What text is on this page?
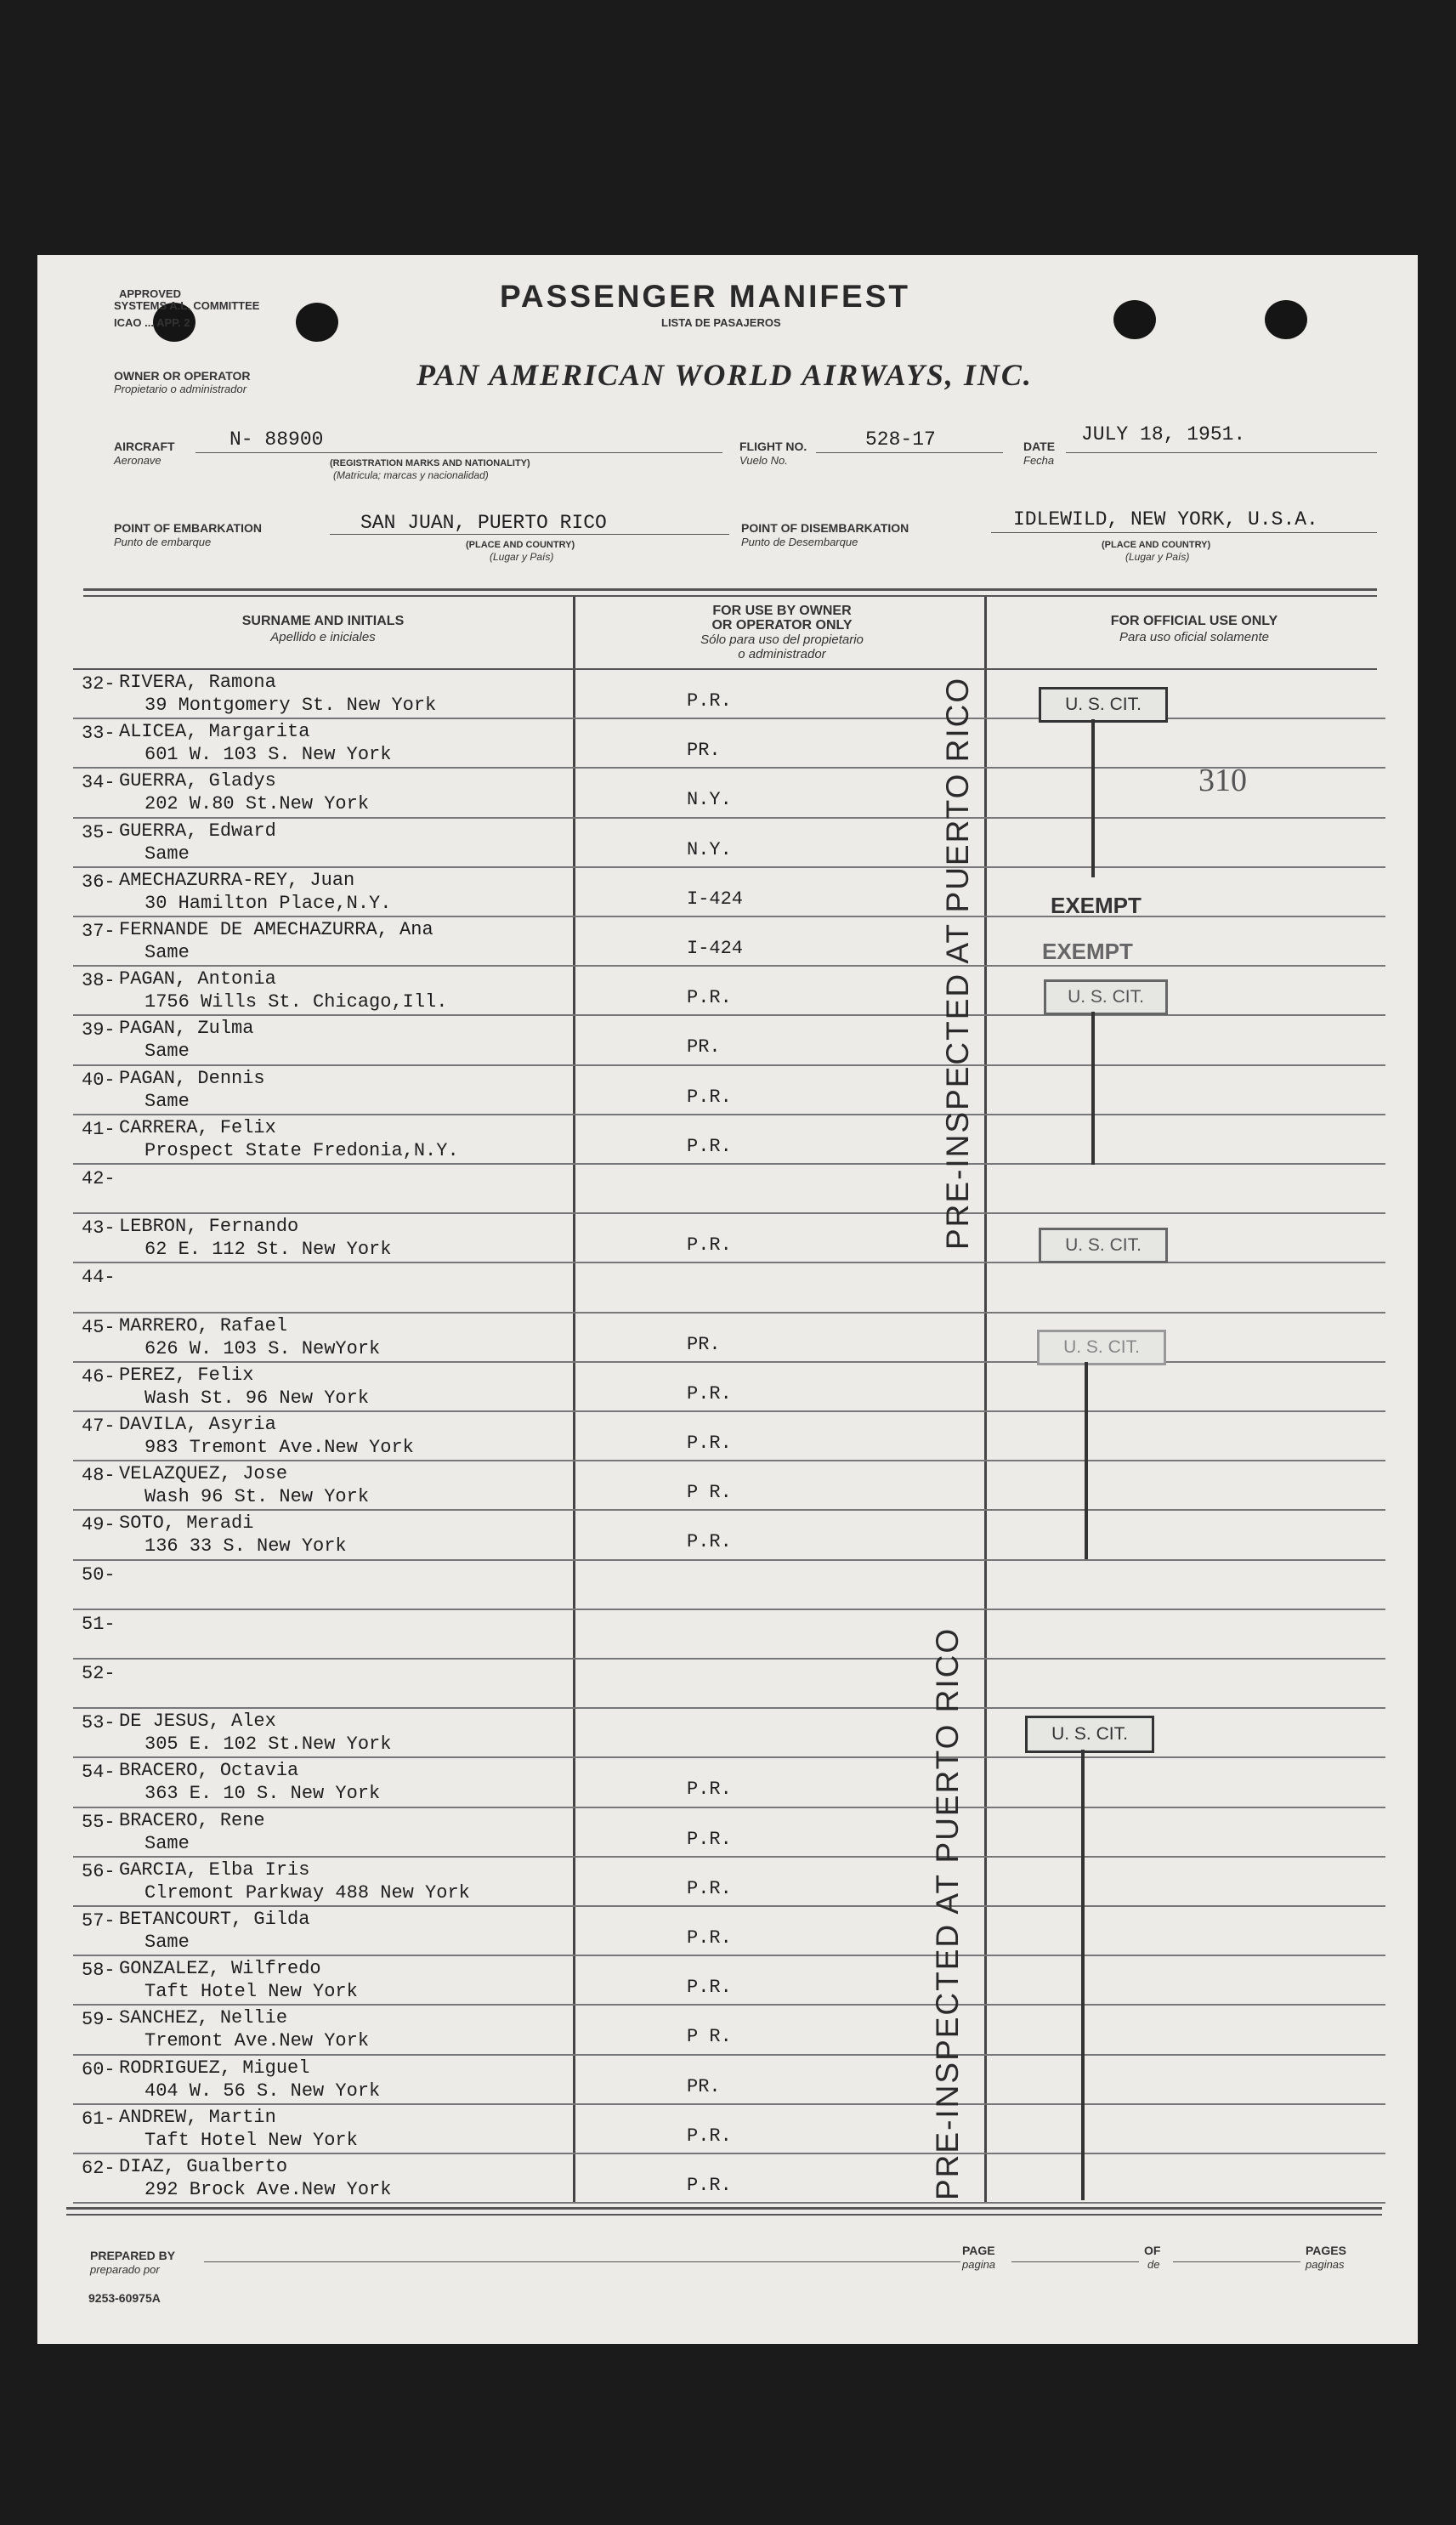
APPROVED
SYSTEMS A.L. COMMITTEE
ICAO ... APP. 2
PASSENGER MANIFEST
LISTA DE PASAJEROS
OWNER OR OPERATOR
Propietario o administrador	PAN AMERICAN WORLD AIRWAYS, INC.
AIRCRAFT
Aeronave
N- 88900
(REGISTRATION MARKS AND NATIONALITY)
(Matricula; marcas y nacionalidad)
FLIGHT NO.
Vuelo No.
528-17	DATE
Fecha
JULY 18, 1951.
POINT OF EMBARKATION
Punto de embarque
SAN JUAN, PUERTO RICO
(PLACE AND COUNTRY)
(Lugar y País)
POINT OF DISEMBARKATION
Punto de Desembarque
IDLEWILD, NEW YORK, U.S.A.
(PLACE AND COUNTRY)
(Lugar y País)
SURNAME AND INITIALS
Apellido e iniciales
FOR USE BY OWNER
OR OPERATOR ONLY
Sólo para uso del propietario
o administrador
FOR OFFICIAL USE ONLY
Para uso oficial solamente
32- RIVERA, Ramona
39 Montgomery St. New York	P.R.
33- ALICEA, Margarita
601 W. 103 S. New York	PR.
34- GUERRA, Gladys
202 W.80 St.New York	N.Y.
35- GUERRA, Edward
Same	N.Y.
36- AMECHAZURRA-REY, Juan
30 Hamilton Place,N.Y.	I-424
37- FERNANDE DE AMECHAZURRA, Ana
Same	I-424
38- PAGAN, Antonia
1756 Wills St. Chicago,Ill.	P.R.
39- PAGAN, Zulma
Same	PR.
40- PAGAN, Dennis
Same	P.R.
41- CARRERA, Felix
Prospect State Fredonia,N.Y.	P.R.
42-
43- LEBRON, Fernando
62 E. 112 St. New York	P.R.
44-
45- MARRERO, Rafael
626 W. 103 S. NewYork	PR.
46- PEREZ, Felix
Wash St. 96 New York	P.R.
47- DAVILA, Asyria
983 Tremont Ave.New York	P.R.
48- VELAZQUEZ, Jose
Wash 96 St. New York	P R.
49- SOTO, Meradi
136 33 S. New York	P.R.
50-
51-
52-
53- DE JESUS, Alex
305 E. 102 St.New York
54- BRACERO, Octavia
363 E. 10 S. New York	P.R.
55- BRACERO, Rene
Same	P.R.
56- GARCIA, Elba Iris
Clremont Parkway 488 New York	P.R.
57- BETANCOURT, Gilda
Same	P.R.
58- GONZALEZ, Wilfredo
Taft Hotel New York	P.R.
59- SANCHEZ, Nellie
Tremont Ave.New York	P R.
60- RODRIGUEZ, Miguel
404 W. 56 S. New York	PR.
61- ANDREW, Martin
Taft Hotel New York	P.R.
62- DIAZ, Gualberto
292 Brock Ave.New York	P.R.
PRE-INSPECTED AT PUERTO RICO
PRE-INSPECTED AT PUERTO RICO
U. S. CIT.
310
EXEMPT
EXEMPT
U. S. CIT.
U. S. CIT.
U. S. CIT.
U. S. CIT.
PREPARED BY
preparado por
PAGE
pagina
OF
de
PAGES
paginas
9253-60975A
